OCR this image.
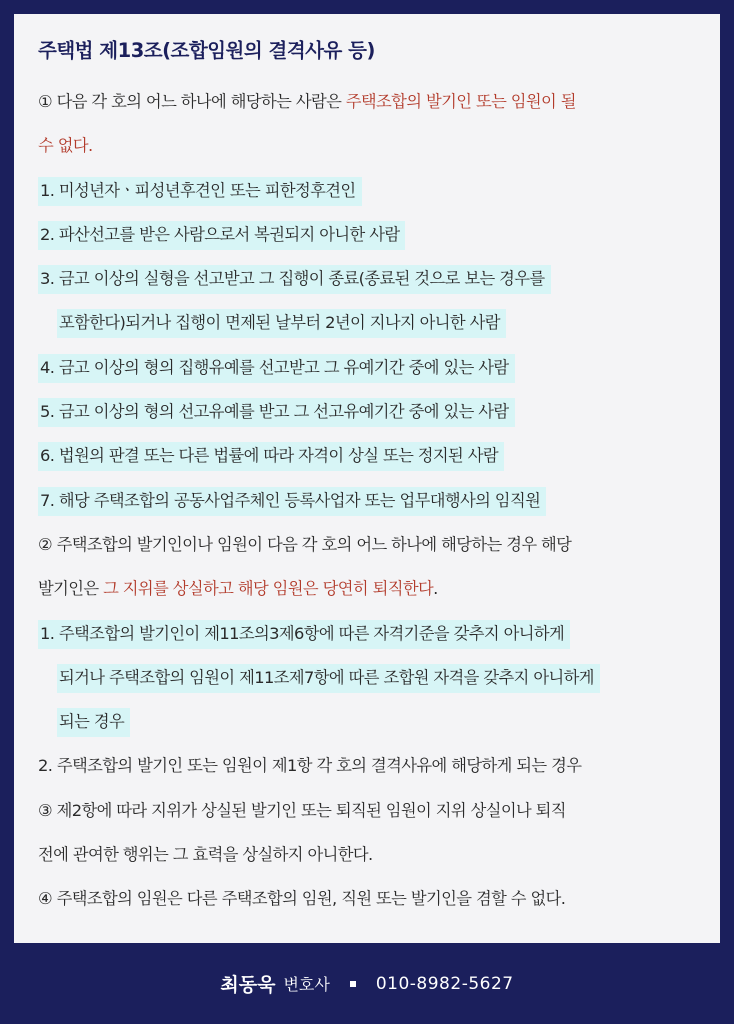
주택법 제13조(조합임원의 결격사유 등)
① 다음 각 호의 어느 하나에 해당하는 사람은 주택조합의 발기인 또는 임원이 될
수 없다.
1. 미성년자ㆍ피성년후견인 또는 피한정후견인
2. 파산선고를 받은 사람으로서 복권되지 아니한 사람
3. 금고 이상의 실형을 선고받고 그 집행이 종료(종료된 것으로 보는 경우를
포함한다)되거나 집행이 면제된 날부터 2년이 지나지 아니한 사람
4. 금고 이상의 형의 집행유예를 선고받고 그 유예기간 중에 있는 사람
5. 금고 이상의 형의 선고유예를 받고 그 선고유예기간 중에 있는 사람
6. 법원의 판결 또는 다른 법률에 따라 자격이 상실 또는 정지된 사람
7. 해당 주택조합의 공동사업주체인 등록사업자 또는 업무대행사의 임직원
② 주택조합의 발기인이나 임원이 다음 각 호의 어느 하나에 해당하는 경우 해당
발기인은 그 지위를 상실하고 해당 임원은 당연히 퇴직한다.
1. 주택조합의 발기인이 제11조의3제6항에 따른 자격기준을 갖추지 아니하게
되거나 주택조합의 임원이 제11조제7항에 따른 조합원 자격을 갖추지 아니하게
되는 경우
2. 주택조합의 발기인 또는 임원이 제1항 각 호의 결격사유에 해당하게 되는 경우
③ 제2항에 따라 지위가 상실된 발기인 또는 퇴직된 임원이 지위 상실이나 퇴직
전에 관여한 행위는 그 효력을 상실하지 아니한다.
④ 주택조합의 임원은 다른 주택조합의 임원, 직원 또는 발기인을 겸할 수 없다.
최동욱 변호사	010-8982-5627
